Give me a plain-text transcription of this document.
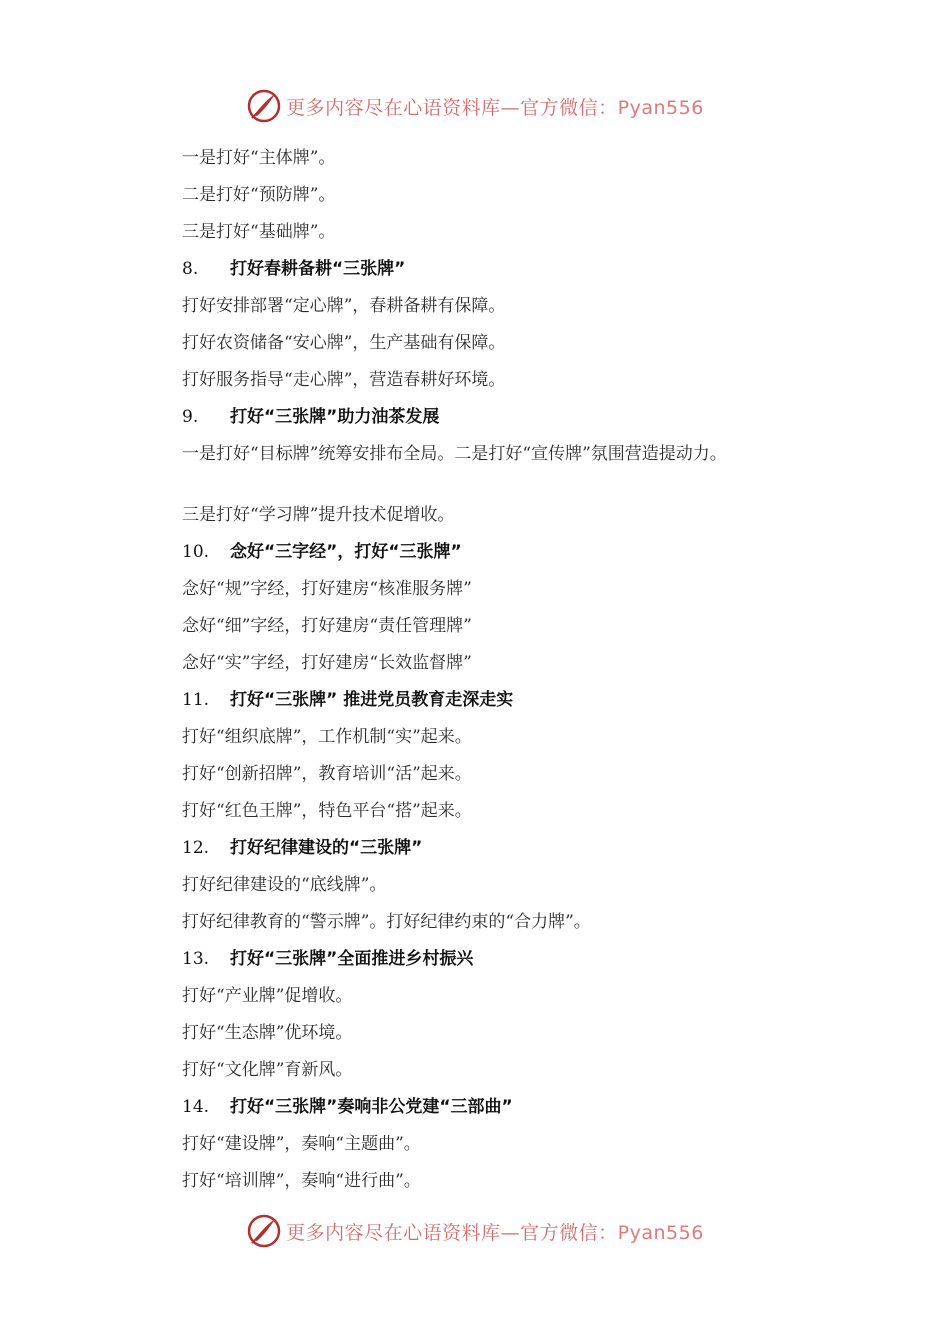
更多内容尽在心语资料库—官方微信：Pyan556
一是打好“主体牌”。
二是打好“预防牌”。
三是打好“基础牌”。
8. 打好春耕备耕“三张牌”
打好安排部署“定心牌”，春耕备耕有保障。
打好农资储备“安心牌”，生产基础有保障。
打好服务指导“走心牌”，营造春耕好环境。
9. 打好“三张牌”助力油茶发展
一是打好“目标牌”统筹安排布全局。二是打好“宣传牌”氛围营造提动力。
三是打好“学习牌”提升技术促增收。
10. 念好“三字经”，打好“三张牌”
念好“规”字经，打好建房“核准服务牌”
念好“细”字经，打好建房“责任管理牌”
念好“实”字经，打好建房“长效监督牌”
11. 打好“三张牌” 推进党员教育走深走实
打好“组织底牌”，工作机制“实”起来。
打好“创新招牌”，教育培训“活”起来。
打好“红色王牌”，特色平台“搭”起来。
12. 打好纪律建设的“三张牌”
打好纪律建设的“底线牌”。
打好纪律教育的“警示牌”。打好纪律约束的“合力牌”。
13. 打好“三张牌”全面推进乡村振兴
打好“产业牌”促增收。
打好“生态牌”优环境。
打好“文化牌”育新风。
14. 打好“三张牌”奏响非公党建“三部曲”
打好“建设牌”，奏响“主题曲”。
打好“培训牌”，奏响“进行曲”。
更多内容尽在心语资料库—官方微信：Pyan556
